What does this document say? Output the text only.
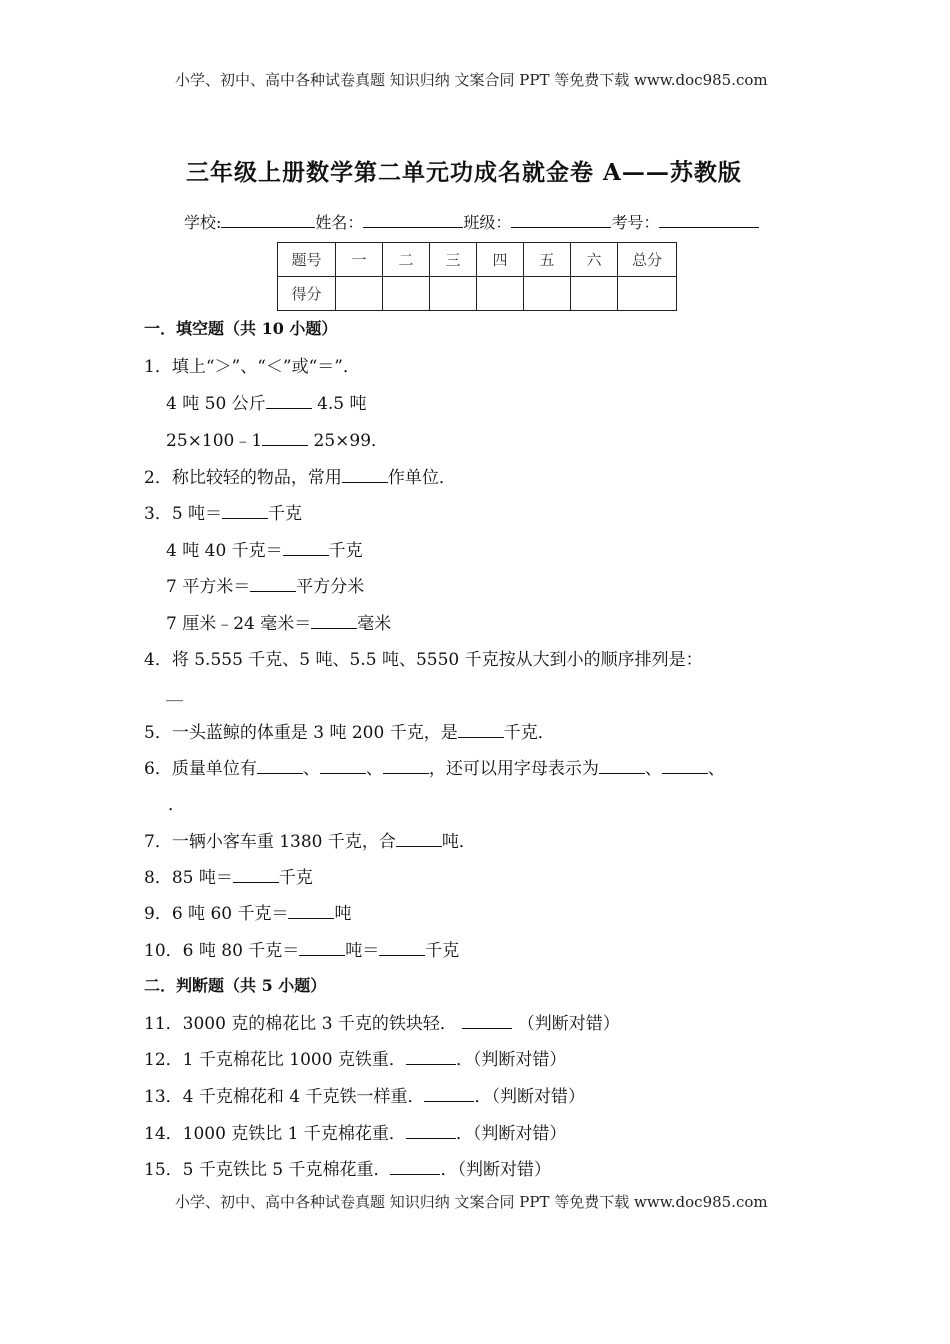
小学、初中、高中各种试卷真题 知识归纳 文案合同 PPT 等免费下载 www.doc985.com
三年级上册数学第二单元功成名就金卷 A——苏教版
学校:	姓名：	班级：	考号：
题号	一	二	三	四	五	六	总分
得分							
一．填空题（共 10 小题）
1．填上“＞”、“＜”或“＝”．
4 吨 50 公斤	4.5 吨
25×100﹣1	25×99．
2．称比较轻的物品，常用	作单位．
3．5 吨＝	千克
4 吨 40 千克＝	千克
7 平方米＝	平方分米
7 厘米﹣24 毫米＝	毫米
4．将 5.555 千克、5 吨、5.5 吨、5550 千克按从大到小的顺序排列是：
__
5．一头蓝鲸的体重是 3 吨 200 千克，是	千克．
6．质量单位有	、	、	，还可以用字母表示为	、	、
．
7．一辆小客车重 1380 千克，合	吨．
8．85 吨＝	千克
9．6 吨 60 千克＝	吨
10．6 吨 80 千克＝	吨＝	千克
二．判断题（共 5 小题）
11．3000 克的棉花比 3 千克的铁块轻．	（判断对错）
12．1 千克棉花比 1000 克铁重．	．（判断对错）
13．4 千克棉花和 4 千克铁一样重．	．（判断对错）
14．1000 克铁比 1 千克棉花重．	．（判断对错）
15．5 千克铁比 5 千克棉花重．	．（判断对错）
小学、初中、高中各种试卷真题 知识归纳 文案合同 PPT 等免费下载 www.doc985.com
